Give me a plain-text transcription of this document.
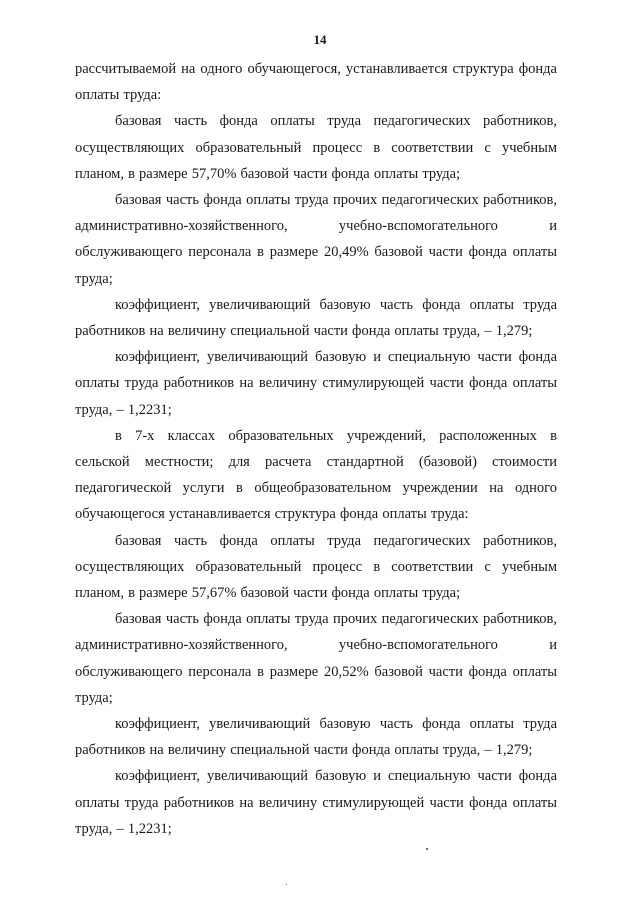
14

рассчитываемой на одного обучающегося, устанавливается структура фонда оплаты труда:

базовая часть фонда оплаты труда педагогических работников, осуществляющих образовательный процесс в соответствии с учебным планом, в размере 57,70% базовой части фонда оплаты труда;

базовая часть фонда оплаты труда прочих педагогических работников, административно-хозяйственного, учебно-вспомогательного и обслуживающего персонала в размере 20,49% базовой части фонда оплаты труда;

коэффициент, увеличивающий базовую часть фонда оплаты труда работников на величину специальной части фонда оплаты труда, – 1,279;

коэффициент, увеличивающий базовую и специальную части фонда оплаты труда работников на величину стимулирующей части фонда оплаты труда, – 1,2231;

в 7-х классах образовательных учреждений, расположенных в сельской местности; для расчета стандартной (базовой) стоимости педагогической услуги в общеобразовательном учреждении на одного обучающегося устанавливается структура фонда оплаты труда:

базовая часть фонда оплаты труда педагогических работников, осуществляющих образовательный процесс в соответствии с учебным планом, в размере 57,67% базовой части фонда оплаты труда;

базовая часть фонда оплаты труда прочих педагогических работников, административно-хозяйственного, учебно-вспомогательного и обслуживающего персонала в размере 20,52% базовой части фонда оплаты труда;

коэффициент, увеличивающий базовую часть фонда оплаты труда работников на величину специальной части фонда оплаты труда, – 1,279;

коэффициент, увеличивающий базовую и специальную части фонда оплаты труда работников на величину стимулирующей части фонда оплаты труда, – 1,2231;
